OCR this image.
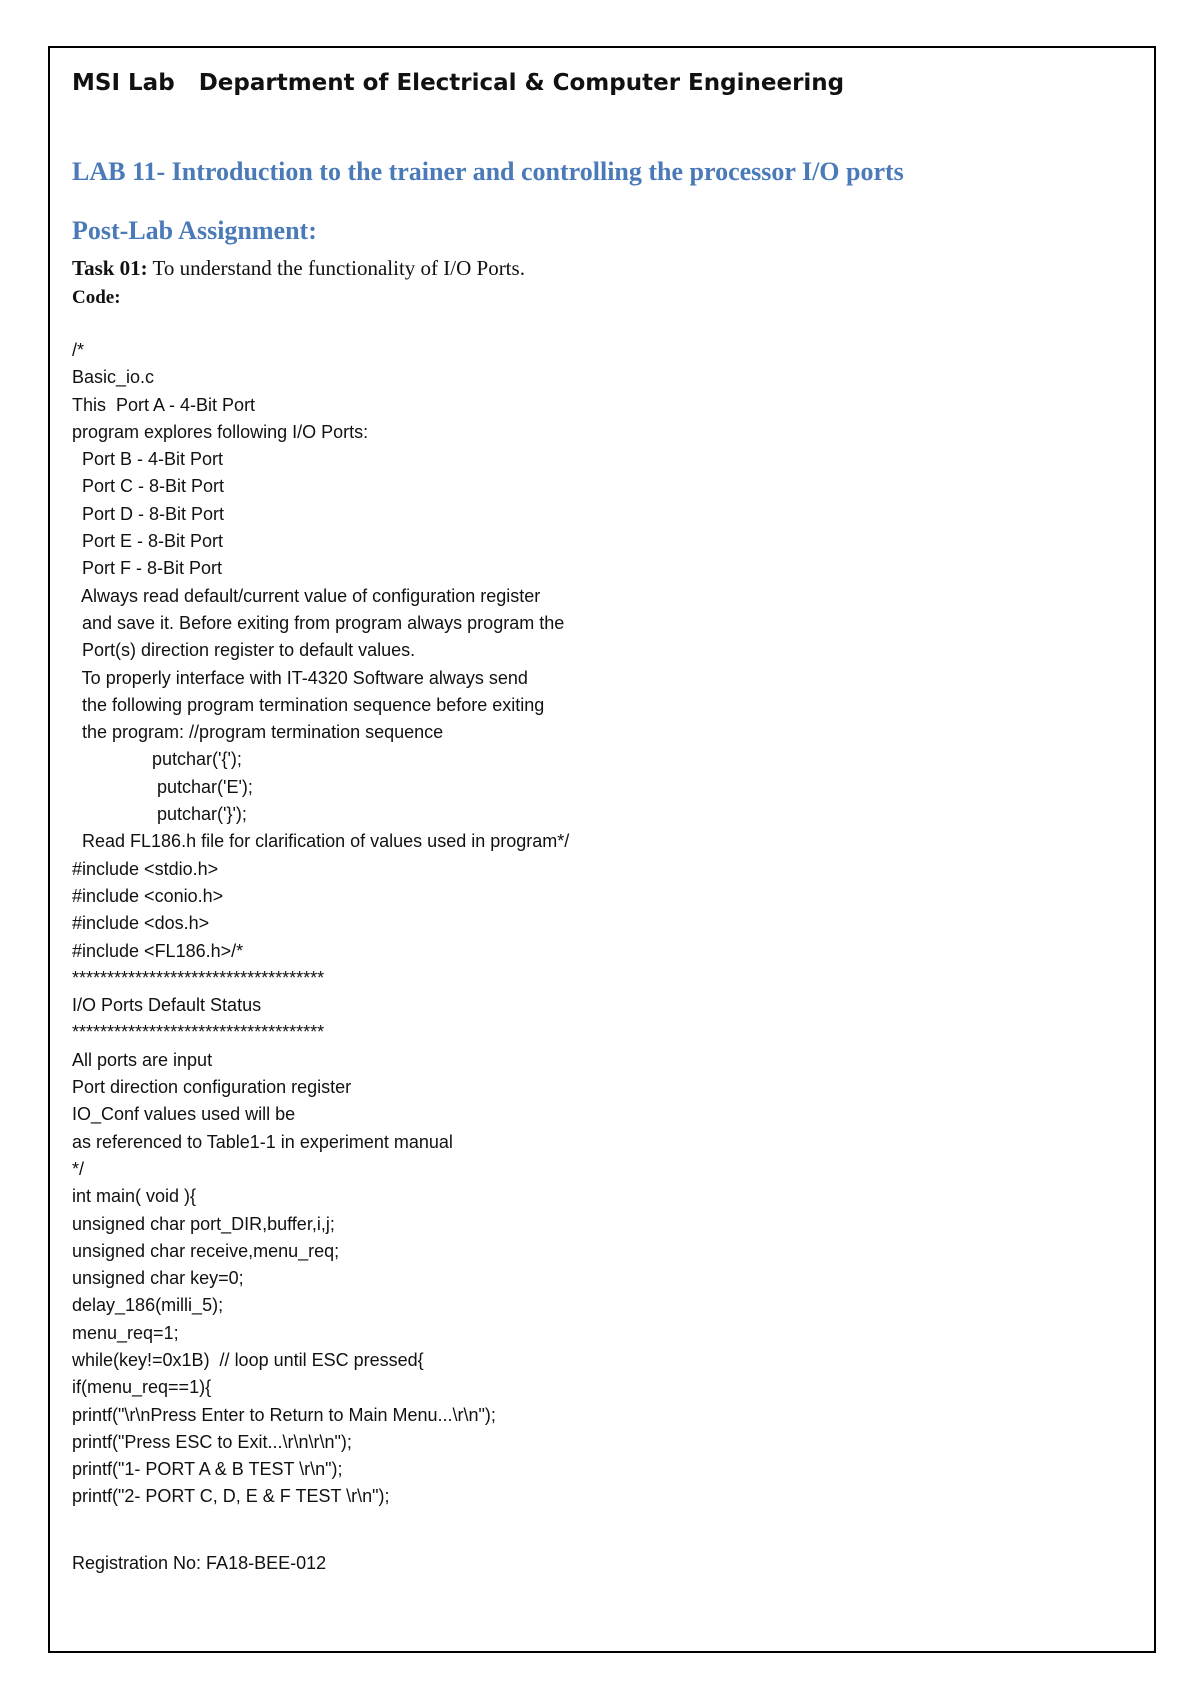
MSI Lab Department of Electrical & Computer Engineering
LAB 11- Introduction to the trainer and controlling the processor I/O ports
Post-Lab Assignment:
Task 01: To understand the functionality of I/O Ports.
Code:
/*
Basic_io.c
This  Port A - 4-Bit Port
program explores following I/O Ports:
Port B - 4-Bit Port
Port C - 8-Bit Port
Port D - 8-Bit Port
Port E - 8-Bit Port
Port F - 8-Bit Port
Always read default/current value of configuration register
and save it. Before exiting from program always program the
Port(s) direction register to default values.
To properly interface with IT-4320 Software always send
the following program termination sequence before exiting
the program: //program termination sequence
putchar('{');
putchar('E');
putchar('}');
Read FL186.h file for clarification of values used in program*/
#include <stdio.h>
#include <conio.h>
#include <dos.h>
#include <FL186.h>/*
************************************
I/O Ports Default Status
************************************
All ports are input
Port direction configuration register
IO_Conf values used will be
as referenced to Table1-1 in experiment manual
*/
int main( void ){
unsigned char port_DIR,buffer,i,j;
unsigned char receive,menu_req;
unsigned char key=0;
delay_186(milli_5);
menu_req=1;
while(key!=0x1B)  // loop until ESC pressed{
if(menu_req==1){
printf("\r\nPress Enter to Return to Main Menu...\r\n");
printf("Press ESC to Exit...\r\n\r\n");
printf("1- PORT A & B TEST \r\n");
printf("2- PORT C, D, E & F TEST \r\n");
Registration No: FA18-BEE-012
